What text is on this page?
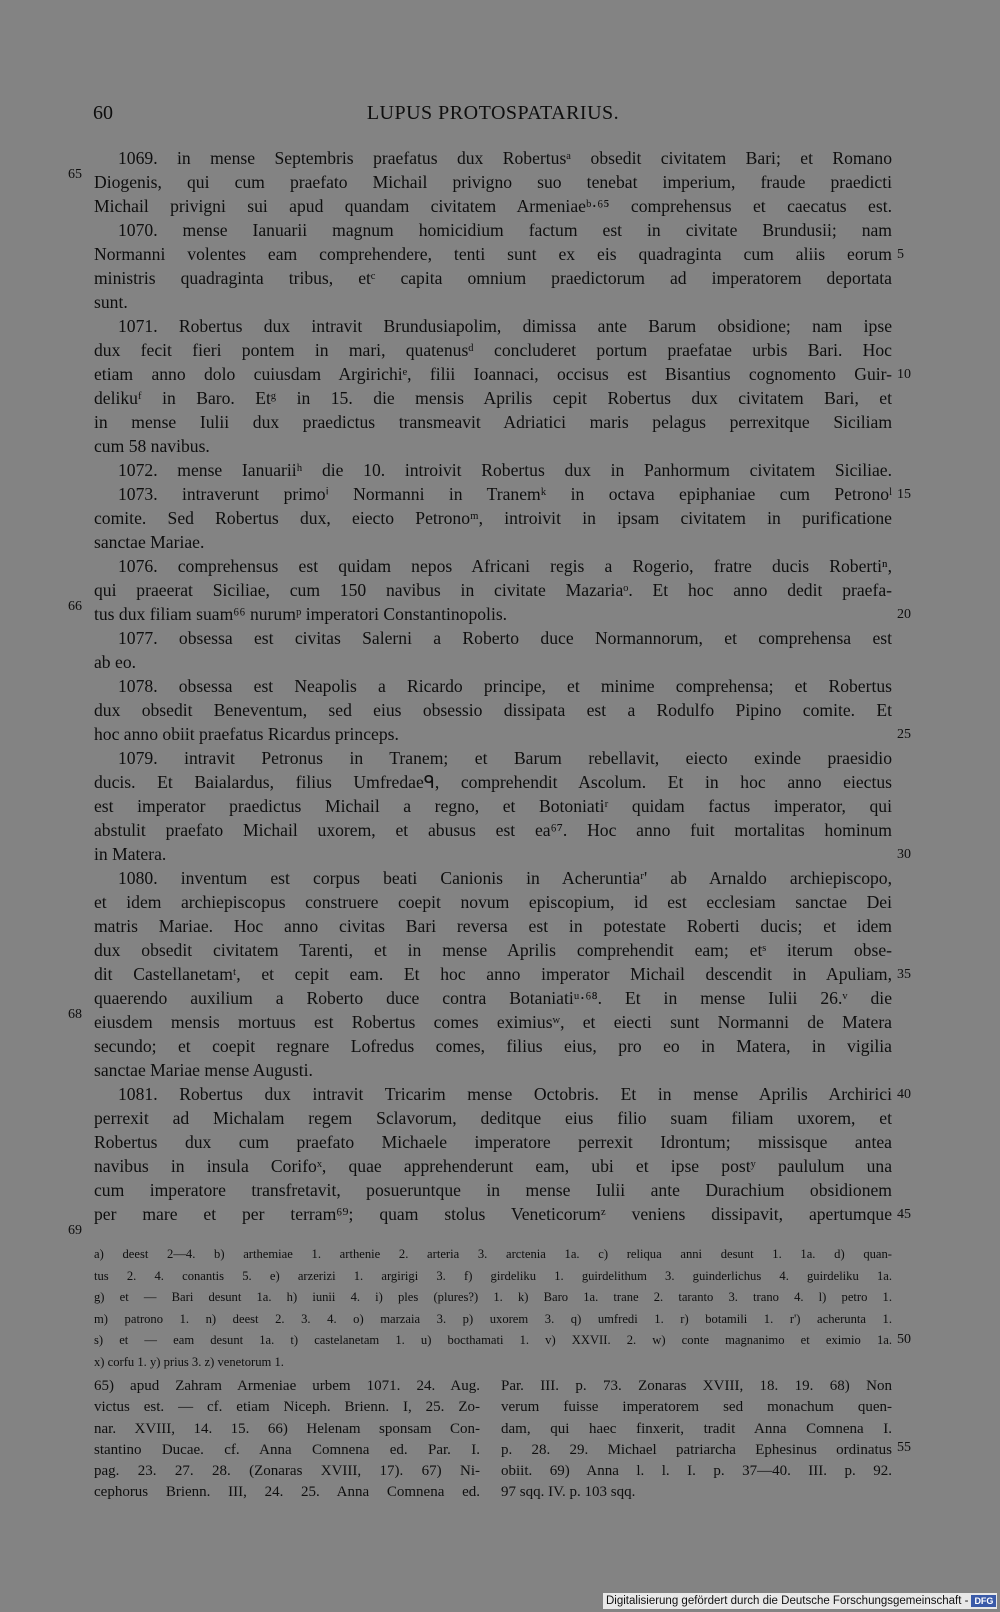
60	LUPUS PROTOSPATARIUS.
1069. in mense Septembris praefatus dux Robertusᵃ obsedit civitatem Bari; et Romano
Diogenis, qui cum praefato Michail privigno suo tenebat imperium, fraude praedicti
Michail privigni sui apud quandam civitatem Armeniaeᵇ·⁶⁵ comprehensus et caecatus est.
1070. mense Ianuarii magnum homicidium factum est in civitate Brundusii; nam
Normanni volentes eam comprehendere, tenti sunt ex eis quadraginta cum aliis eorum
ministris quadraginta tribus, etᶜ capita omnium praedictorum ad imperatorem deportata
sunt.
1071. Robertus dux intravit Brundusiapolim, dimissa ante Barum obsidione; nam ipse
dux fecit fieri pontem in mari, quatenusᵈ concluderet portum praefatae urbis Bari. Hoc
etiam anno dolo cuiusdam Argirichiᵉ, filii Ioannaci, occisus est Bisantius cognomento Guir-
delikuᶠ in Baro. Etᵍ in 15. die mensis Aprilis cepit Robertus dux civitatem Bari, et
in mense Iulii dux praedictus transmeavit Adriatici maris pelagus perrexitque Siciliam
cum 58 navibus.
1072. mense Ianuariiʰ die 10. introivit Robertus dux in Panhormum civitatem Siciliae.
1073. intraverunt primoⁱ Normanni in Tranemᵏ in octava epiphaniae cum Petronoˡ
comite. Sed Robertus dux, eiecto Petronoᵐ, introivit in ipsam civitatem in purificatione
sanctae Mariae.
1076. comprehensus est quidam nepos Africani regis a Rogerio, fratre ducis Robertiⁿ,
qui praeerat Siciliae, cum 150 navibus in civitate Mazariaᵒ. Et hoc anno dedit praefa-
tus dux filiam suam⁶⁶ nurumᵖ imperatori Constantinopolis.
1077. obsessa est civitas Salerni a Roberto duce Normannorum, et comprehensa est
ab eo.
1078. obsessa est Neapolis a Ricardo principe, et minime comprehensa; et Robertus
dux obsedit Beneventum, sed eius obsessio dissipata est a Rodulfo Pipino comite. Et
hoc anno obiit praefatus Ricardus princeps.
1079. intravit Petronus in Tranem; et Barum rebellavit, eiecto exinde praesidio
ducis. Et Baialardus, filius Umfredaeᑫ, comprehendit Ascolum. Et in hoc anno eiectus
est imperator praedictus Michail a regno, et Botoniatiʳ quidam factus imperator, qui
abstulit praefato Michail uxorem, et abusus est ea⁶⁷. Hoc anno fuit mortalitas hominum
in Matera.
1080. inventum est corpus beati Canionis in Acheruntiaʳ' ab Arnaldo archiepiscopo,
et idem archiepiscopus construere coepit novum episcopium, id est ecclesiam sanctae Dei
matris Mariae. Hoc anno civitas Bari reversa est in potestate Roberti ducis; et idem
dux obsedit civitatem Tarenti, et in mense Aprilis comprehendit eam; etˢ iterum obse-
dit Castellanetamᵗ, et cepit eam. Et hoc anno imperator Michail descendit in Apuliam,
quaerendo auxilium a Roberto duce contra Botaniatiᵘ·⁶⁸. Et in mense Iulii 26.ᵛ die
eiusdem mensis mortuus est Robertus comes eximiusʷ, et eiecti sunt Normanni de Matera
secundo; et coepit regnare Lofredus comes, filius eius, pro eo in Matera, in vigilia
sanctae Mariae mense Augusti.
1081. Robertus dux intravit Tricarim mense Octobris. Et in mense Aprilis Archirici
perrexit ad Michalam regem Sclavorum, deditque eius filio suam filiam uxorem, et
Robertus dux cum praefato Michaele imperatore perrexit Idrontum; missisque antea
navibus in insula Corifoˣ, quae apprehenderunt eam, ubi et ipse postʸ paululum una
cum imperatore transfretavit, posueruntque in mense Iulii ante Durachium obsidionem
per mare et per terram⁶⁹; quam stolus Veneticorumᶻ veniens dissipavit, apertumque
65
66
68
69
5
10
15
20
25
30
35
40
45
a) deest 2—4. b) arthemiae 1. arthenie 2. arteria 3. arctenia 1a. c) reliqua anni desunt 1. 1a. d) quan-
tus 2. 4. conantis 5. e) arzerizi 1. argirigi 3. f) girdeliku 1. guirdelithum 3. guinderlichus 4. guirdeliku 1a.
g) et — Bari desunt 1a. h) iunii 4. i) ples (plures?) 1. k) Baro 1a. trane 2. taranto 3. trano 4. l) petro 1.
m) patrono 1. n) deest 2. 3. 4. o) marzaia 3. p) uxorem 3. q) umfredi 1. r) botamili 1. r') acherunta 1.
s) et — eam desunt 1a. t) castelanetam 1. u) bocthamati 1. v) XXVII. 2. w) conte magnanimo et eximio 1a.
x) corfu 1. y) prius 3. z) venetorum 1.
50
65) apud Zahram Armeniae urbem 1071. 24. Aug.
victus est. — cf. etiam Niceph. Brienn. I, 25. Zo-
nar. XVIII, 14. 15. 66) Helenam sponsam Con-
stantino Ducae. cf. Anna Comnena ed. Par. I.
pag. 23. 27. 28. (Zonaras XVIII, 17). 67) Ni-
cephorus Brienn. III, 24. 25. Anna Comnena ed.
Par. III. p. 73. Zonaras XVIII, 18. 19. 68) Non
verum fuisse imperatorem sed monachum quen-
dam, qui haec finxerit, tradit Anna Comnena I.
p. 28. 29. Michael patriarcha Ephesinus ordinatus
obiit. 69) Anna l. l. I. p. 37—40. III. p. 92.
97 sqq. IV. p. 103 sqq.
55
Digitalisierung gefördert durch die Deutsche Forschungsgemeinschaft - DFG
